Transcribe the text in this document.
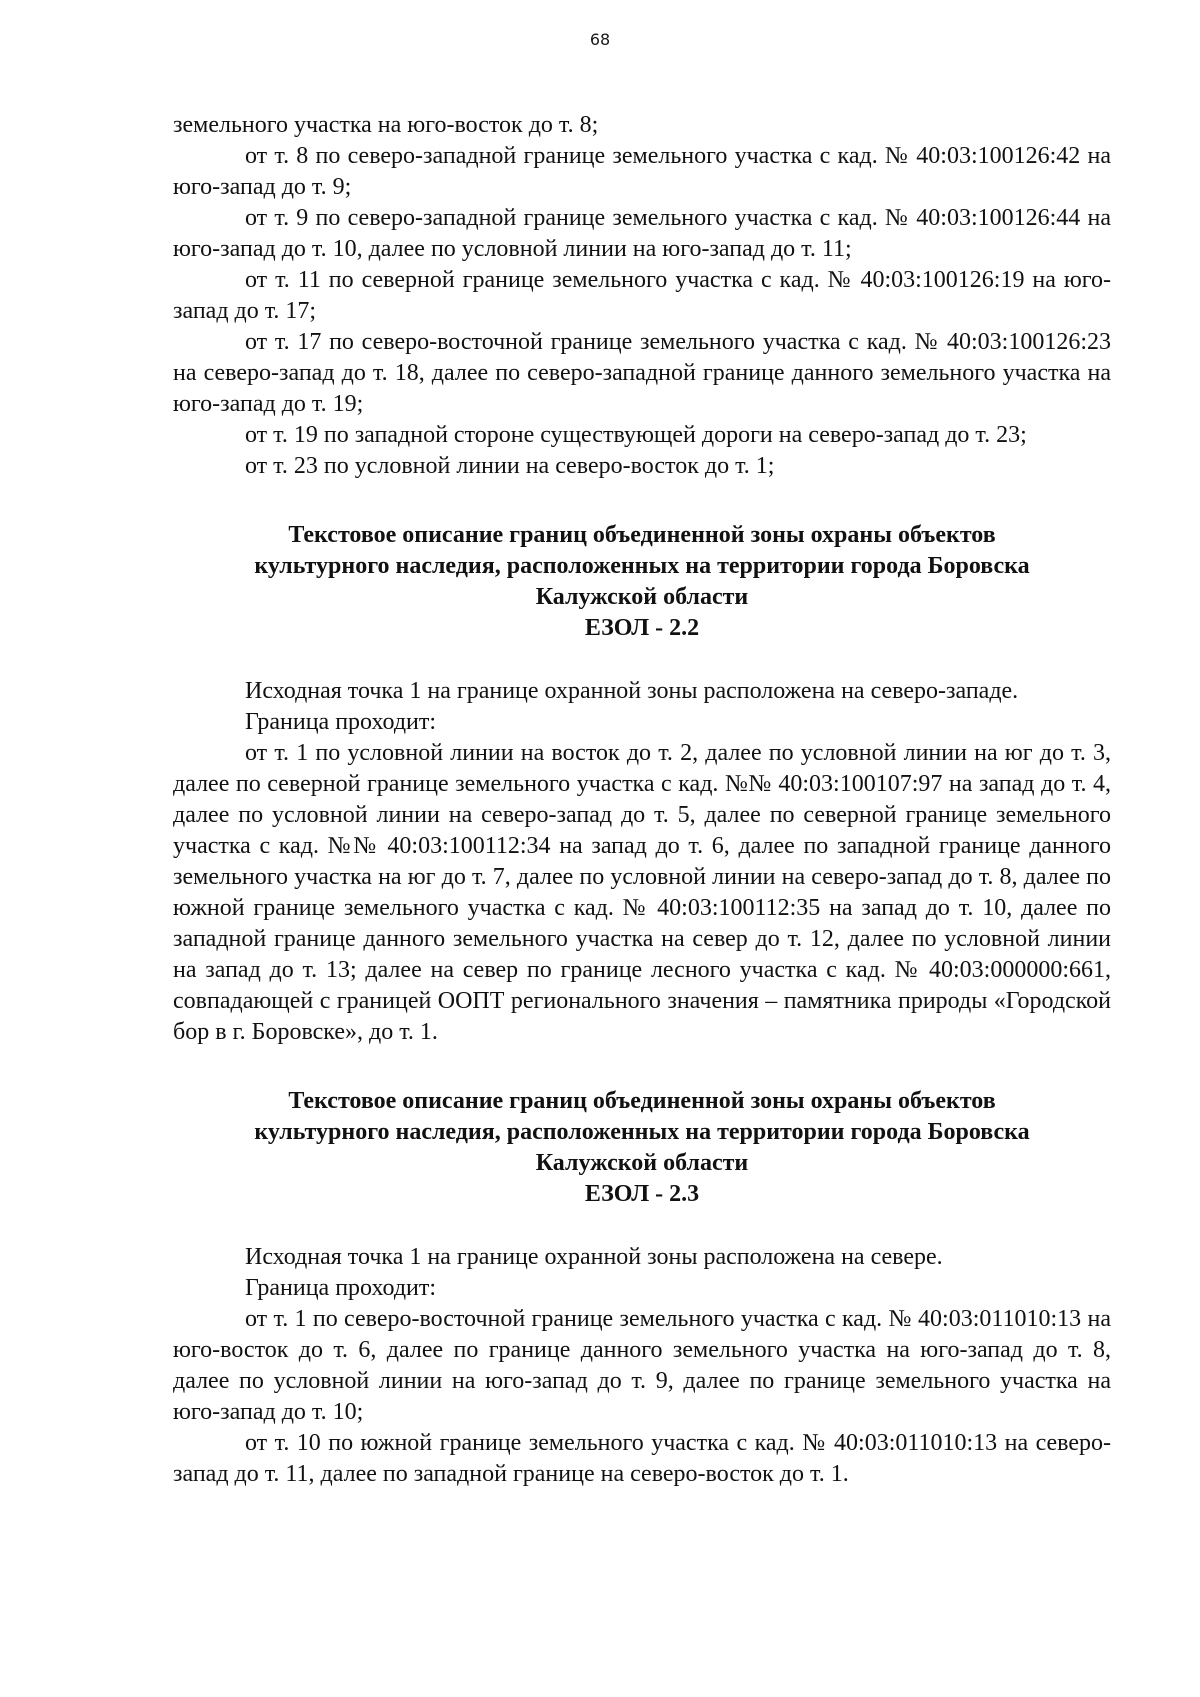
68

земельного участка на юго-восток до т. 8;

от т. 8 по северо-западной границе земельного участка с кад. № 40:03:100126:42 на юго-запад до т. 9;

от т. 9 по северо-западной границе земельного участка с кад. № 40:03:100126:44 на юго-запад до т. 10, далее по условной линии на юго-запад до т. 11;

от т. 11 по северной границе земельного участка с кад. № 40:03:100126:19 на юго-запад до т. 17;

от т. 17 по северо-восточной границе земельного участка с кад. № 40:03:100126:23 на северо-запад до т. 18, далее по северо-западной границе данного земельного участка на юго-запад до т. 19;

от т. 19 по западной стороне существующей дороги на северо-запад до т. 23;

от т. 23 по условной линии на северо-восток до т. 1;

Текстовое описание границ объединенной зоны охраны объектов
культурного наследия, расположенных на территории города Боровска
Калужской области
ЕЗОЛ - 2.2

Исходная точка 1 на границе охранной зоны расположена на северо-западе.

Граница проходит:

от т. 1 по условной линии на восток до т. 2, далее по условной линии на юг до т. 3, далее по северной границе земельного участка с кад. №№ 40:03:100107:97 на запад до т. 4, далее по условной линии на северо-запад до т. 5, далее по северной границе земельного участка с кад. №№ 40:03:100112:34 на запад до т. 6, далее по западной границе данного земельного участка на юг до т. 7, далее по условной линии на северо-запад до т. 8, далее по южной границе земельного участка с кад. № 40:03:100112:35 на запад до т. 10, далее по западной границе данного земельного участка на север до т. 12, далее по условной линии на запад до т. 13; далее на север по границе лесного участка с кад. № 40:03:000000:661, совпадающей с границей ООПТ регионального значения – памятника природы «Городской бор в г. Боровске», до т. 1.

Текстовое описание границ объединенной зоны охраны объектов
культурного наследия, расположенных на территории города Боровска
Калужской области
ЕЗОЛ - 2.3

Исходная точка 1 на границе охранной зоны расположена на севере.

Граница проходит:

от т. 1 по северо-восточной границе земельного участка с кад. № 40:03:011010:13 на юго-восток до т. 6, далее по границе данного земельного участка на юго-запад до т. 8, далее по условной линии на юго-запад до т. 9, далее по границе земельного участка на юго-запад до т. 10;

от т. 10 по южной границе земельного участка с кад. № 40:03:011010:13 на северо-запад до т. 11, далее по западной границе на северо-восток до т. 1.
